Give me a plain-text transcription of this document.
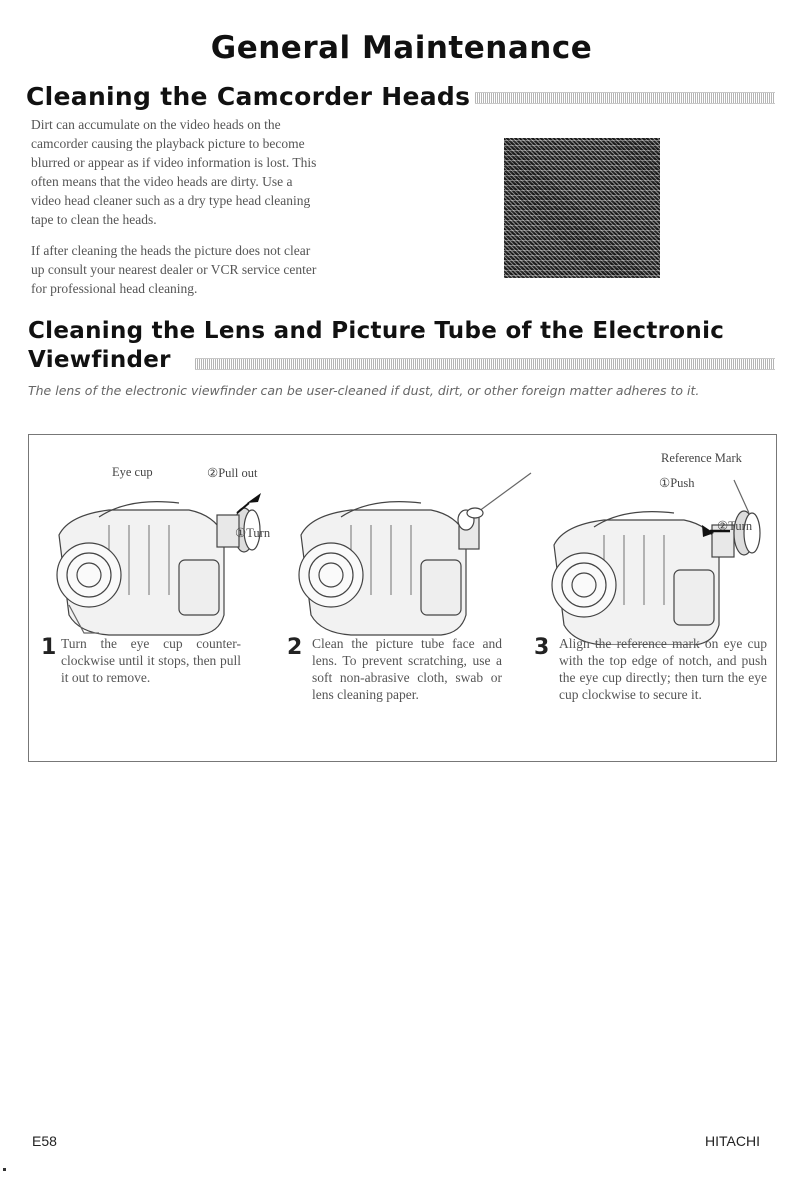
General Maintenance
Cleaning the Camcorder Heads

Dirt can accumulate on the video heads on the camcorder causing the playback picture to become blurred or appear as if video information is lost. This often means that the video heads are dirty. Use a video head cleaner such as a dry type head cleaning tape to clean the heads.

If after cleaning the heads the picture does not clear up consult your nearest dealer or VCR service center for professional head cleaning.

Cleaning the Lens and Picture Tube of the Electronic
Viewfinder

The lens of the electronic viewfinder can be user-cleaned if dust, dirt, or other foreign matter adheres to it.

Eye cup	②Pull out
①Turn
Reference Mark
①Push
②Turn
1 Turn the eye cup counter-clockwise until it stops, then pull it out to remove.

2 Clean the picture tube face and lens. To prevent scratching, use a soft non-abrasive cloth, swab or lens cleaning paper.

3 Align the reference mark on eye cup with the top edge of notch, and push the eye cup directly; then turn the eye cup clockwise to secure it.

E58	HITACHI
